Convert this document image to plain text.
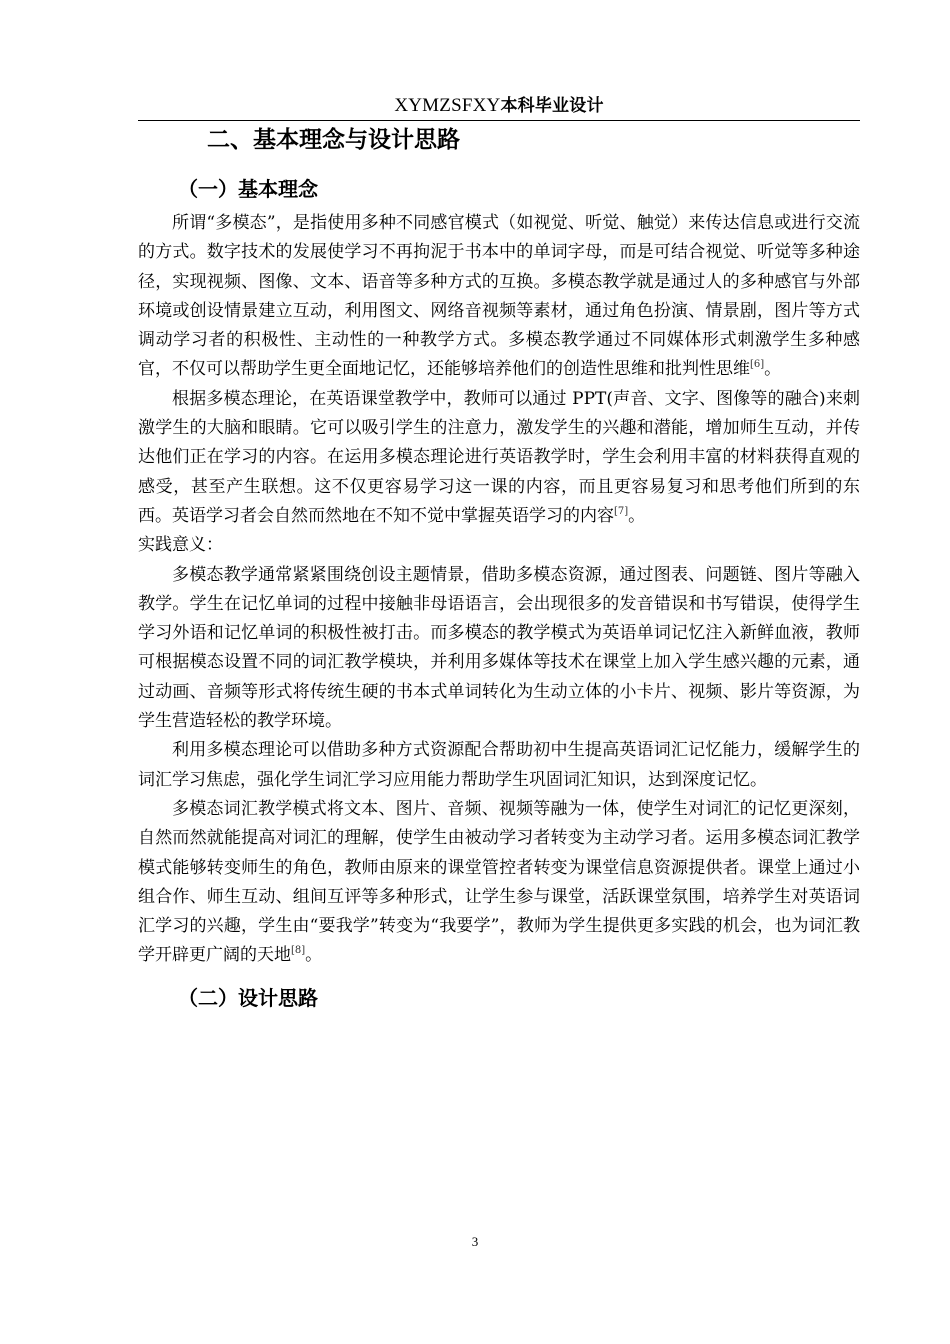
XYMZSFXY本科毕业设计
二、基本理念与设计思路
（一）基本理念

所谓“多模态”，是指使用多种不同感官模式（如视觉、听觉、触觉）来传达信息或进行交流的方式。数字技术的发展使学习不再拘泥于书本中的单词字母，而是可结合视觉、听觉等多种途径，实现视频、图像、文本、语音等多种方式的互换。多模态教学就是通过人的多种感官与外部环境或创设情景建立互动，利用图文、网络音视频等素材，通过角色扮演、情景剧，图片等方式调动学习者的积极性、主动性的一种教学方式。多模态教学通过不同媒体形式刺激学生多种感官，不仅可以帮助学生更全面地记忆，还能够培养他们的创造性思维和批判性思维[6]。

根据多模态理论，在英语课堂教学中，教师可以通过 PPT(声音、文字、图像等的融合)来刺激学生的大脑和眼睛。它可以吸引学生的注意力，激发学生的兴趣和潜能，增加师生互动，并传达他们正在学习的内容。在运用多模态理论进行英语教学时，学生会利用丰富的材料获得直观的感受，甚至产生联想。这不仅更容易学习这一课的内容，而且更容易复习和思考他们所到的东西。英语学习者会自然而然地在不知不觉中掌握英语学习的内容[7]。

实践意义：

多模态教学通常紧紧围绕创设主题情景，借助多模态资源，通过图表、问题链、图片等融入教学。学生在记忆单词的过程中接触非母语语言，会出现很多的发音错误和书写错误，使得学生学习外语和记忆单词的积极性被打击。而多模态的教学模式为英语单词记忆注入新鲜血液，教师可根据模态设置不同的词汇教学模块，并利用多媒体等技术在课堂上加入学生感兴趣的元素，通过动画、音频等形式将传统生硬的书本式单词转化为生动立体的小卡片、视频、影片等资源，为学生营造轻松的教学环境。

利用多模态理论可以借助多种方式资源配合帮助初中生提高英语词汇记忆能力，缓解学生的词汇学习焦虑，强化学生词汇学习应用能力帮助学生巩固词汇知识，达到深度记忆。

多模态词汇教学模式将文本、图片、音频、视频等融为一体，使学生对词汇的记忆更深刻，自然而然就能提高对词汇的理解，使学生由被动学习者转变为主动学习者。运用多模态词汇教学模式能够转变师生的角色，教师由原来的课堂管控者转变为课堂信息资源提供者。课堂上通过小组合作、师生互动、组间互评等多种形式，让学生参与课堂，活跃课堂氛围，培养学生对英语词汇学习的兴趣，学生由“要我学”转变为“我要学”，教师为学生提供更多实践的机会，也为词汇教学开辟更广阔的天地[8]。

（二）设计思路
3
